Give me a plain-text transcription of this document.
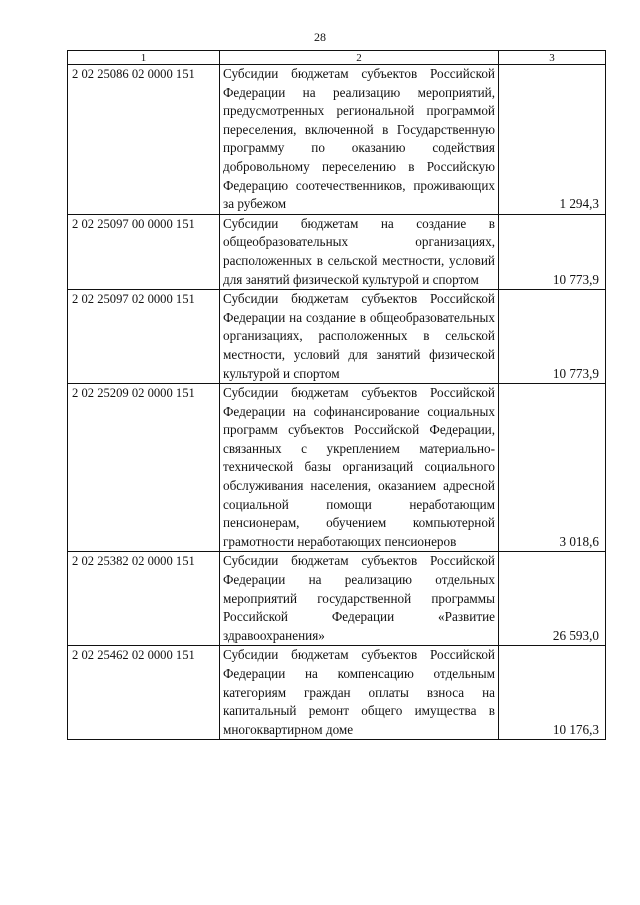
28
1	2	3
2 02 25086 02 0000 151	Субсидии бюджетам субъектов Российской Федерации на реализацию мероприятий, предусмотренных региональной программой переселения, включенной в Государственную программу по оказанию содействия добровольному переселению в Российскую Федерацию соотечественников, проживающих за рубежом	1 294,3
2 02 25097 00 0000 151	Субсидии бюджетам на создание в общеобразовательных организациях, расположенных в сельской местности, условий для занятий физической культурой и спортом	10 773,9
2 02 25097 02 0000 151	Субсидии бюджетам субъектов Российской Федерации на создание в общеобразовательных организациях, расположенных в сельской местности, условий для занятий физической культурой и спортом	10 773,9
2 02 25209 02 0000 151	Субсидии бюджетам субъектов Российской Федерации на софинансирование социальных программ субъектов Российской Федерации, связанных с укреплением материально-технической базы организаций социального обслуживания населения, оказанием адресной социальной помощи неработающим пенсионерам, обучением компьютерной грамотности неработающих пенсионеров	3 018,6
2 02 25382 02 0000 151	Субсидии бюджетам субъектов Российской Федерации на реализацию отдельных мероприятий государственной программы Российской Федерации «Развитие здравоохранения»	26 593,0
2 02 25462 02 0000 151	Субсидии бюджетам субъектов Российской Федерации на компенсацию отдельным категориям граждан оплаты взноса на капитальный ремонт общего имущества в многоквартирном доме	10 176,3
